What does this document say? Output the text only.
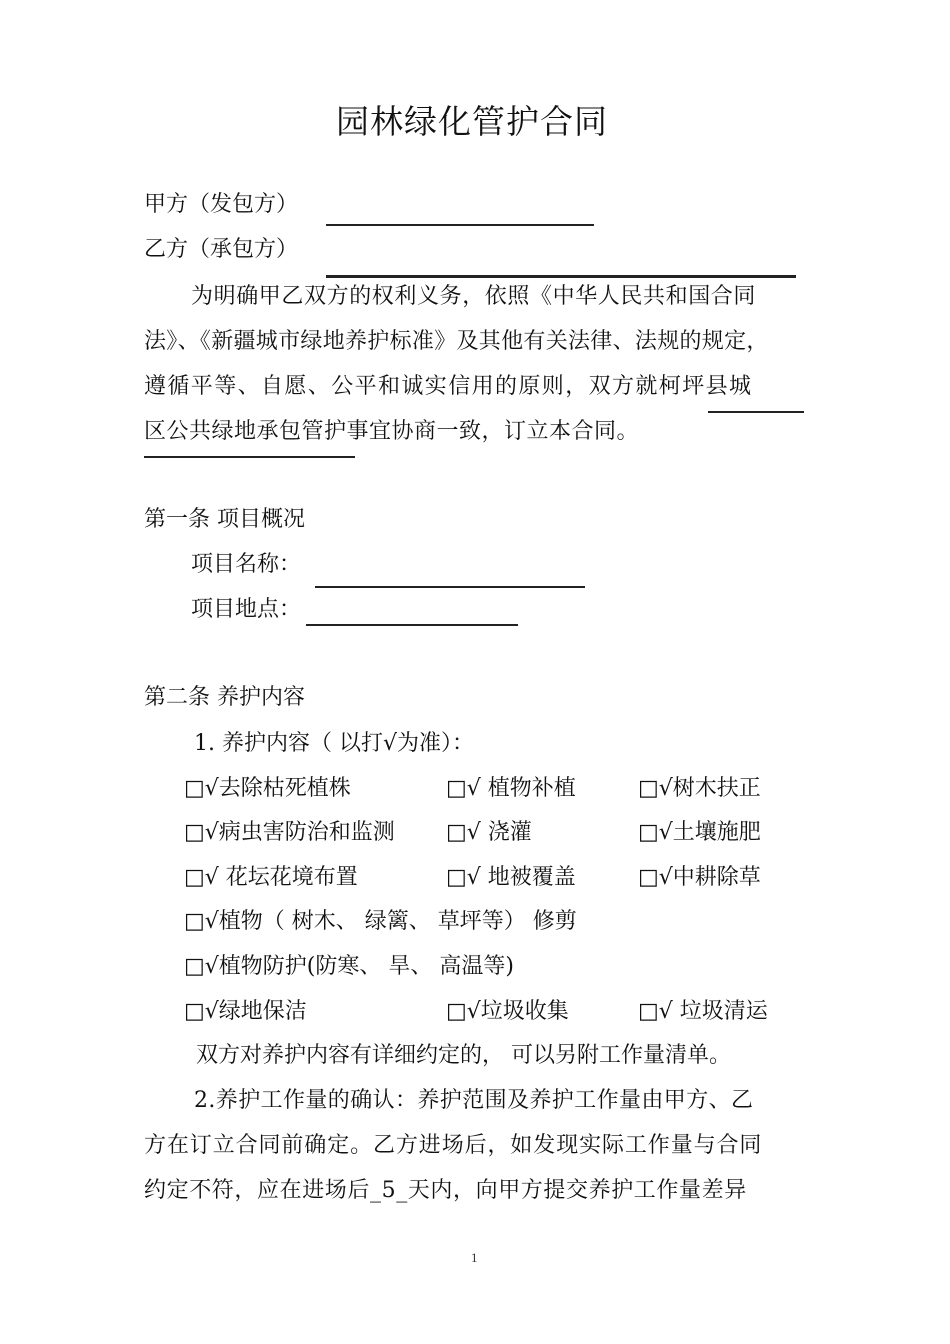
园林绿化管护合同
甲方（发包方）
乙方（承包方）
为明确甲乙双方的权利义务，依照《中华人民共和国合同
法》、《新疆城市绿地养护标准》及其他有关法律、法规的规定，
遵循平等、自愿、公平和诚实信用的原则，双方就柯坪县城
区公共绿地承包管护事宜协商一致，订立本合同。
第一条 项目概况
项目名称：
项目地点：
第二条 养护内容
1. 养护内容（ 以打√为准）：
□√去除枯死植株	□√ 植物补植	□√树木扶正
□√病虫害防治和监测 □√ 浇灌	□√土壤施肥
□√ 花坛花境布置	□√ 地被覆盖	□√中耕除草
□√植物（ 树木、 绿篱、 草坪等） 修剪
□√植物防护(防寒、 旱、 高温等)
□√绿地保洁	□√垃圾收集	□√ 垃圾清运
双方对养护内容有详细约定的， 可以另附工作量清单。
2.养护工作量的确认：养护范围及养护工作量由甲方、乙
方在订立合同前确定。乙方进场后，如发现实际工作量与合同
约定不符，应在进场后_5_天内，向甲方提交养护工作量差异
1
